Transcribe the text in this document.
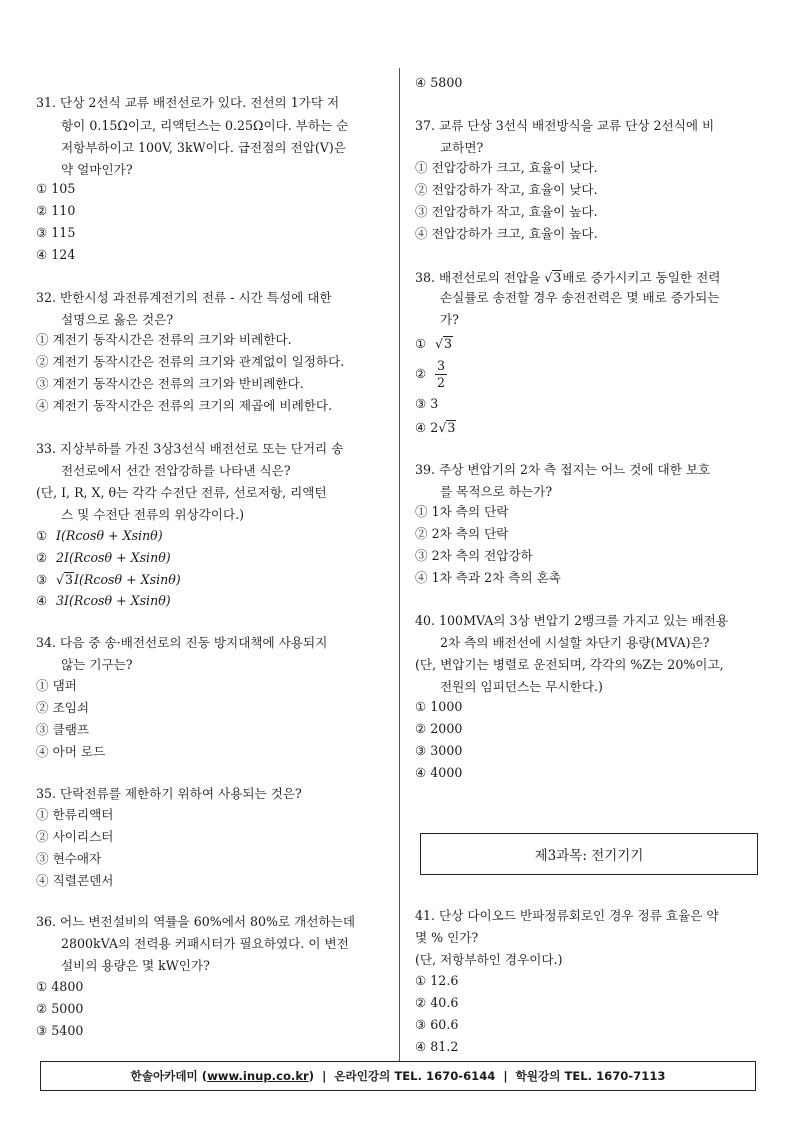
31. 단상 2선식 교류 배전선로가 있다. 전선의 1가닥 저
항이 0.15Ω이고, 리액턴스는 0.25Ω이다. 부하는 순
저항부하이고 100V, 3kW이다. 급전점의 전압(V)은
약 얼마인가?
① 105
② 110
③ 115
④ 124
32. 반한시성 과전류계전기의 전류 - 시간 특성에 대한
설명으로 옳은 것은?
① 계전기 동작시간은 전류의 크기와 비례한다.
② 계전기 동작시간은 전류의 크기와 관계없이 일정하다.
③ 계전기 동작시간은 전류의 크기와 반비례한다.
④ 계전기 동작시간은 전류의 크기의 제곱에 비례한다.
33. 지상부하를 가진 3상3선식 배전선로 또는 단거리 송
전선로에서 선간 전압강하를 나타낸 식은?
(단, I, R, X, θ는 각각 수전단 전류, 선로저항, 리액턴
스 및 수전단 전류의 위상각이다.)
① I(Rcosθ + Xsinθ)
② 2I(Rcosθ + Xsinθ)
③ √3I(Rcosθ + Xsinθ)
④ 3I(Rcosθ + Xsinθ)
34. 다음 중 송·배전선로의 진동 방지대책에 사용되지
않는 기구는?
① 댐퍼
② 조임쇠
③ 클램프
④ 아머 로드
35. 단락전류를 제한하기 위하여 사용되는 것은?
① 한류리액터
② 사이리스터
③ 현수애자
④ 직렬콘덴서
36. 어느 변전설비의 역률을 60%에서 80%로 개선하는데
2800kVA의 전력용 커패시터가 필요하였다. 이 변전
설비의 용량은 몇 kW인가?
① 4800
② 5000
③ 5400
④ 5800
37. 교류 단상 3선식 배전방식을 교류 단상 2선식에 비
교하면?
① 전압강하가 크고, 효율이 낮다.
② 전압강하가 작고, 효율이 낮다.
③ 전압강하가 작고, 효율이 높다.
④ 전압강하가 크고, 효율이 높다.
38. 배전선로의 전압을 √3배로 증가시키고 동일한 전력
손실률로 송전할 경우 송전전력은 몇 배로 증가되는
가?
① √3
② $\frac{3}{2}$
③ 3
④ 2√3
39. 주상 변압기의 2차 측 접지는 어느 것에 대한 보호
를 목적으로 하는가?
① 1차 측의 단락
② 2차 측의 단락
③ 2차 측의 전압강하
④ 1차 측과 2차 측의 혼촉
40. 100MVA의 3상 변압기 2뱅크를 가지고 있는 배전용
2차 측의 배전선에 시설할 차단기 용량(MVA)은?
(단, 변압기는 병렬로 운전되며, 각각의 %Z는 20%이고,
전원의 임피던스는 무시한다.)
① 1000
② 2000
③ 3000
④ 4000
41. 단상 다이오드 반파정류회로인 경우 정류 효율은 약
몇 % 인가?
(단, 저항부하인 경우이다.)
① 12.6
② 40.6
③ 60.6
④ 81.2
제3과목: 전기기기
한솔아카데미 ( www.inup.co.kr ) | 온라인강의 TEL. 1670-6144 | 학원강의 TEL. 1670-7113
